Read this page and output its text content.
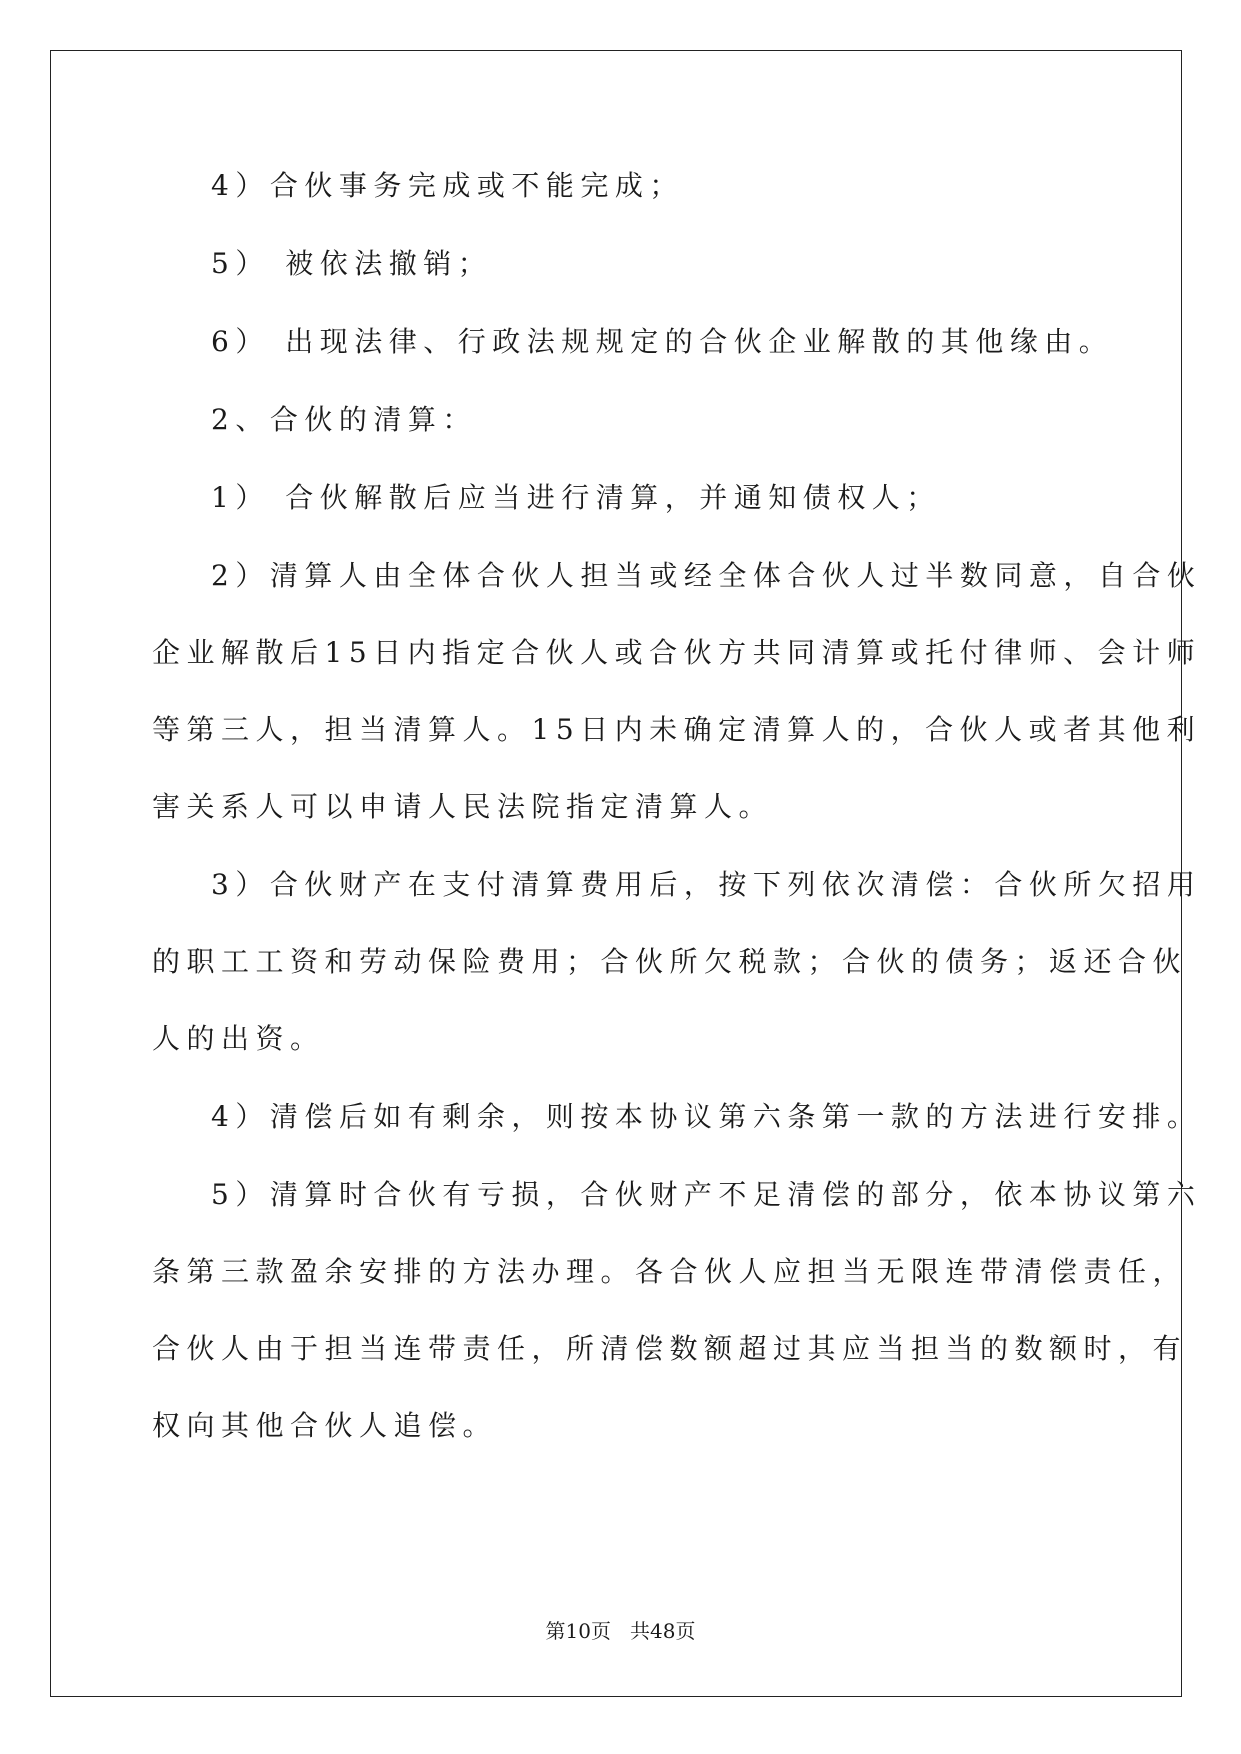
4）合伙事务完成或不能完成；

5） 被依法撤销；

6） 出现法律、行政法规规定的合伙企业解散的其他缘由。

2、合伙的清算：

1） 合伙解散后应当进行清算，并通知债权人；

2）清算人由全体合伙人担当或经全体合伙人过半数同意，自合伙

企业解散后15日内指定合伙人或合伙方共同清算或托付律师、会计师

等第三人，担当清算人。15日内未确定清算人的，合伙人或者其他利

害关系人可以申请人民法院指定清算人。

3）合伙财产在支付清算费用后，按下列依次清偿：合伙所欠招用

的职工工资和劳动保险费用；合伙所欠税款；合伙的债务；返还合伙

人的出资。

4）清偿后如有剩余，则按本协议第六条第一款的方法进行安排。

5）清算时合伙有亏损，合伙财产不足清偿的部分，依本协议第六

条第三款盈余安排的方法办理。各合伙人应担当无限连带清偿责任，

合伙人由于担当连带责任，所清偿数额超过其应当担当的数额时，有

权向其他合伙人追偿。

第10页 共48页
